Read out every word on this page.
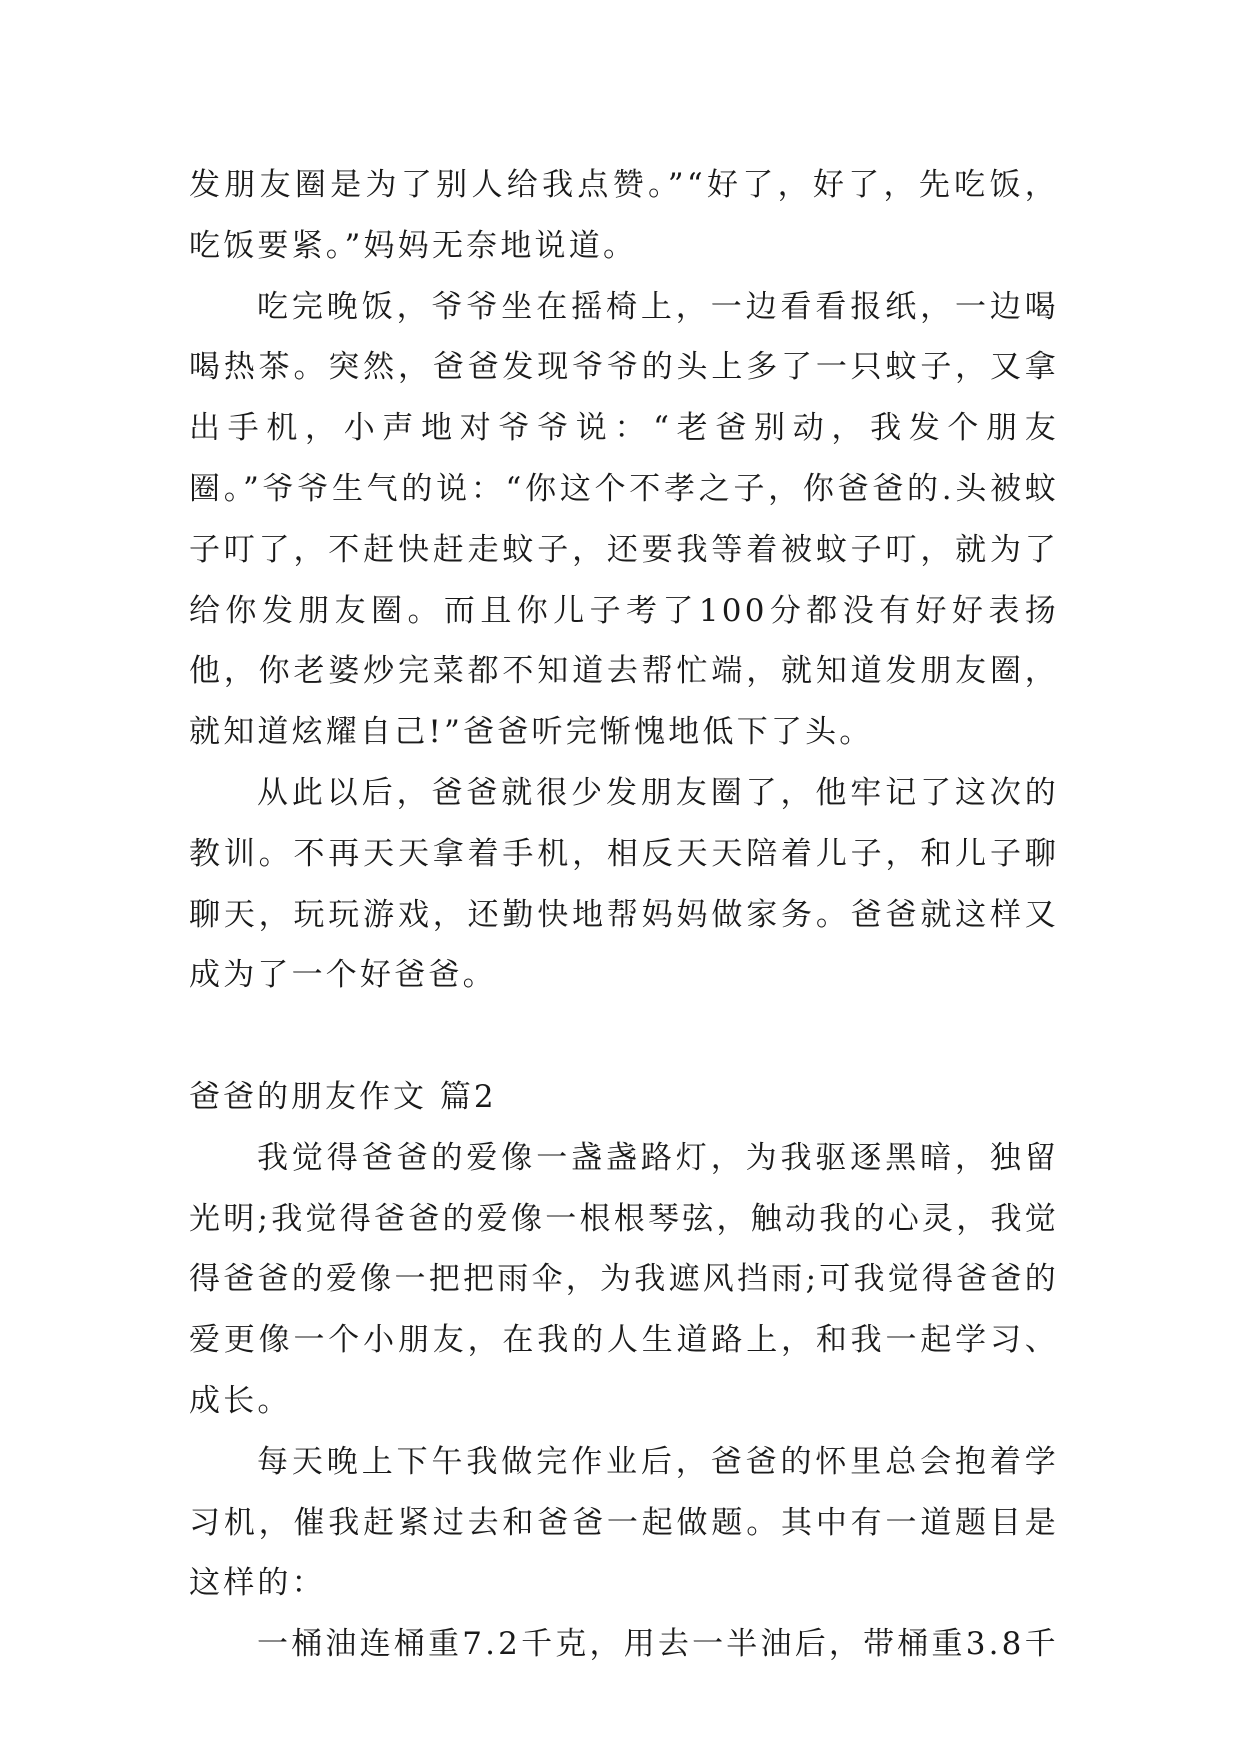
发朋友圈是为了别人给我点赞。”“好了，好了，先吃饭，吃饭要紧。”妈妈无奈地说道。

吃完晚饭，爷爷坐在摇椅上，一边看看报纸，一边喝喝热茶。突然，爸爸发现爷爷的头上多了一只蚊子，又拿出手机，小声地对爷爷说：“老爸别动，我发个朋友圈。”爷爷生气的说：“你这个不孝之子，你爸爸的.头被蚊子叮了，不赶快赶走蚊子，还要我等着被蚊子叮，就为了给你发朋友圈。而且你儿子考了100分都没有好好表扬他，你老婆炒完菜都不知道去帮忙端，就知道发朋友圈，就知道炫耀自己!”爸爸听完惭愧地低下了头。

从此以后，爸爸就很少发朋友圈了，他牢记了这次的教训。不再天天拿着手机，相反天天陪着儿子，和儿子聊聊天，玩玩游戏，还勤快地帮妈妈做家务。爸爸就这样又成为了一个好爸爸。

爸爸的朋友作文 篇2

我觉得爸爸的爱像一盏盏路灯，为我驱逐黑暗，独留光明;我觉得爸爸的爱像一根根琴弦，触动我的心灵，我觉得爸爸的爱像一把把雨伞，为我遮风挡雨;可我觉得爸爸的爱更像一个小朋友，在我的人生道路上，和我一起学习、成长。

每天晚上下午我做完作业后，爸爸的怀里总会抱着学习机，催我赶紧过去和爸爸一起做题。其中有一道题目是这样的：

一桶油连桶重7.2千克，用去一半油后，带桶重3.8千
